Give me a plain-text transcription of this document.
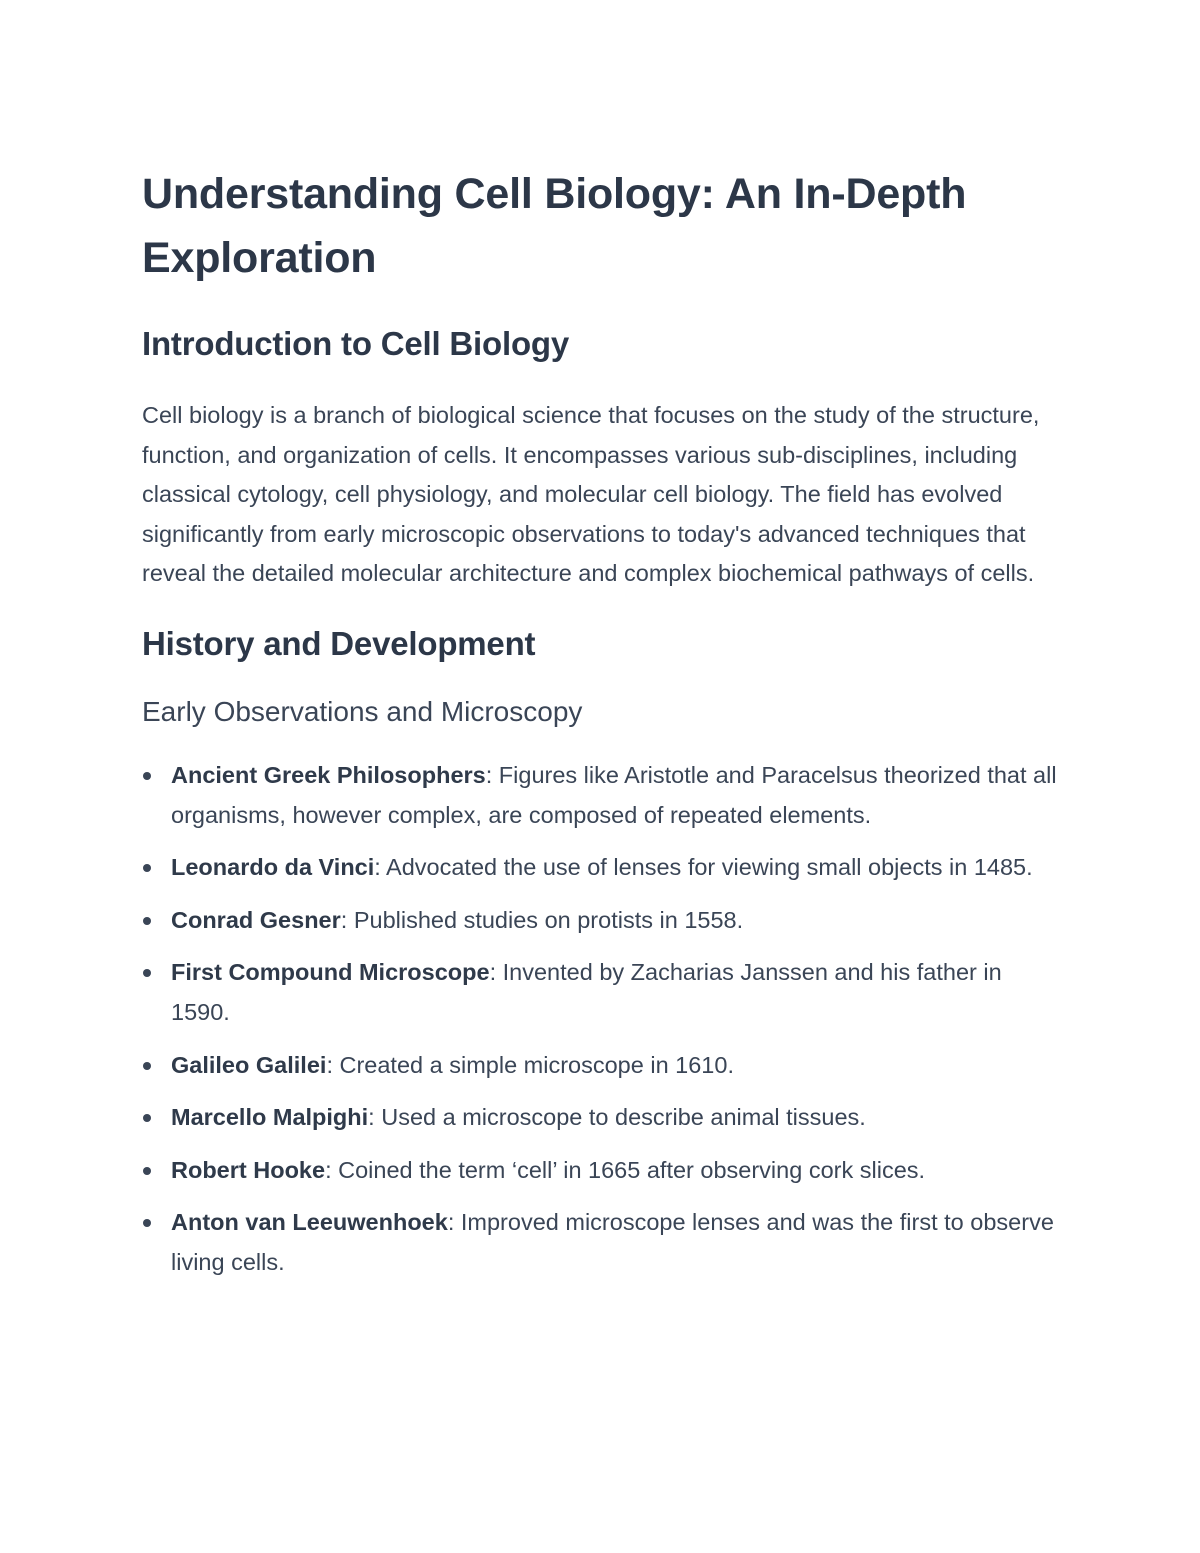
Understanding Cell Biology: An In-Depth Exploration
Introduction to Cell Biology

Cell biology is a branch of biological science that focuses on the study of the structure, function, and organization of cells. It encompasses various sub-disciplines, including classical cytology, cell physiology, and molecular cell biology. The field has evolved significantly from early microscopic observations to today's advanced techniques that reveal the detailed molecular architecture and complex biochemical pathways of cells.

History and Development
Early Observations and Microscopy
Ancient Greek Philosophers: Figures like Aristotle and Paracelsus theorized that all organisms, however complex, are composed of repeated elements.
Leonardo da Vinci: Advocated the use of lenses for viewing small objects in 1485.
Conrad Gesner: Published studies on protists in 1558.
First Compound Microscope: Invented by Zacharias Janssen and his father in 1590.
Galileo Galilei: Created a simple microscope in 1610.
Marcello Malpighi: Used a microscope to describe animal tissues.
Robert Hooke: Coined the term ‘cell’ in 1665 after observing cork slices.
Anton van Leeuwenhoek: Improved microscope lenses and was the first to observe living cells.
